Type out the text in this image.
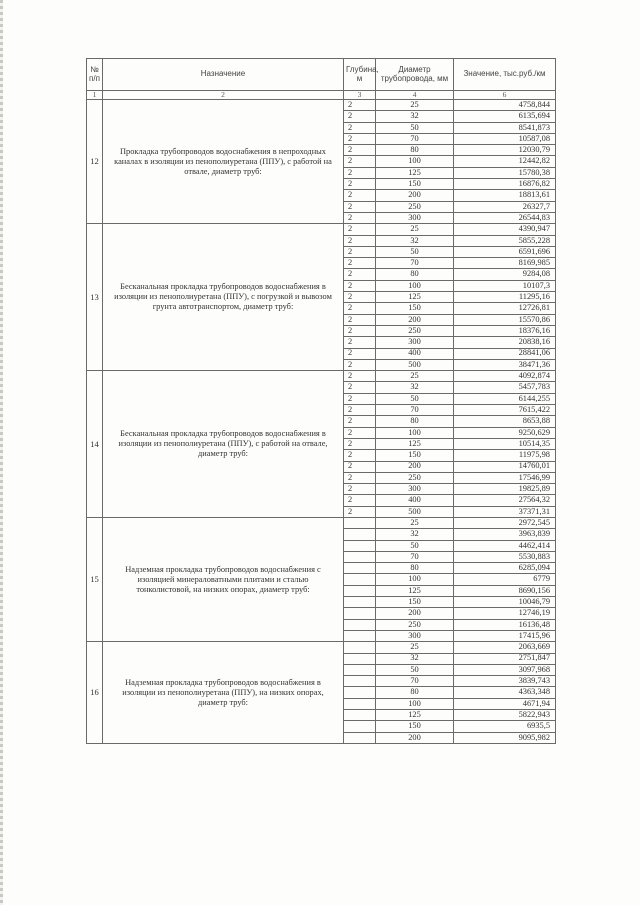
№ п/п	Назначение	Глубина, м	Диаметр трубопровода, мм	Значение, тыс.руб./км
1	2	3	4	6
12	Прокладка трубопроводов водоснабжения в непроходных каналах в изоляции из пенополиуретана (ППУ), с работой на отвале, диаметр труб:	2	25	4758,844
		2	32	6135,694
		2	50	8541,873
		2	70	10587,08
		2	80	12030,79
		2	100	12442,82
		2	125	15780,38
		2	150	16876,82
		2	200	18813,61
		2	250	26327,7
		2	300	26544,83
13	Бесканальная прокладка трубопроводов водоснабжения в изоляции из пенополиуретана (ППУ), с погрузкой и вывозом грунта автотранспортом, диаметр труб:	2	25	4390,947
		2	32	5855,228
		2	50	6591,696
		2	70	8169,985
		2	80	9284,08
		2	100	10107,3
		2	125	11295,16
		2	150	12726,81
		2	200	15570,86
		2	250	18376,16
		2	300	20838,16
		2	400	28841,06
		2	500	38471,36
14	Бесканальная прокладка трубопроводов водоснабжения в изоляции из пенополиуретана (ППУ), с работой на отвале, диаметр труб:	2	25	4092,874
		2	32	5457,783
		2	50	6144,255
		2	70	7615,422
		2	80	8653,88
		2	100	9250,629
		2	125	10514,35
		2	150	11975,98
		2	200	14760,01
		2	250	17546,99
		2	300	19825,89
		2	400	27564,32
		2	500	37371,31
15	Надземная прокладка трубопроводов водоснабжения с изоляцией минераловатными плитами и сталью тонколистовой, на низких опорах, диаметр труб:		25	2972,545
			32	3963,839
			50	4462,414
			70	5530,883
			80	6285,094
			100	6779
			125	8690,156
			150	10046,79
			200	12746,19
			250	16136,48
			300	17415,96
16	Надземная прокладка трубопроводов водоснабжения в изоляции из пенополиуретана (ППУ), на низких опорах, диаметр труб:		25	2063,669
			32	2751,847
			50	3097,968
			70	3839,743
			80	4363,348
			100	4671,94
			125	5822,943
			150	6935,5
			200	9095,982
